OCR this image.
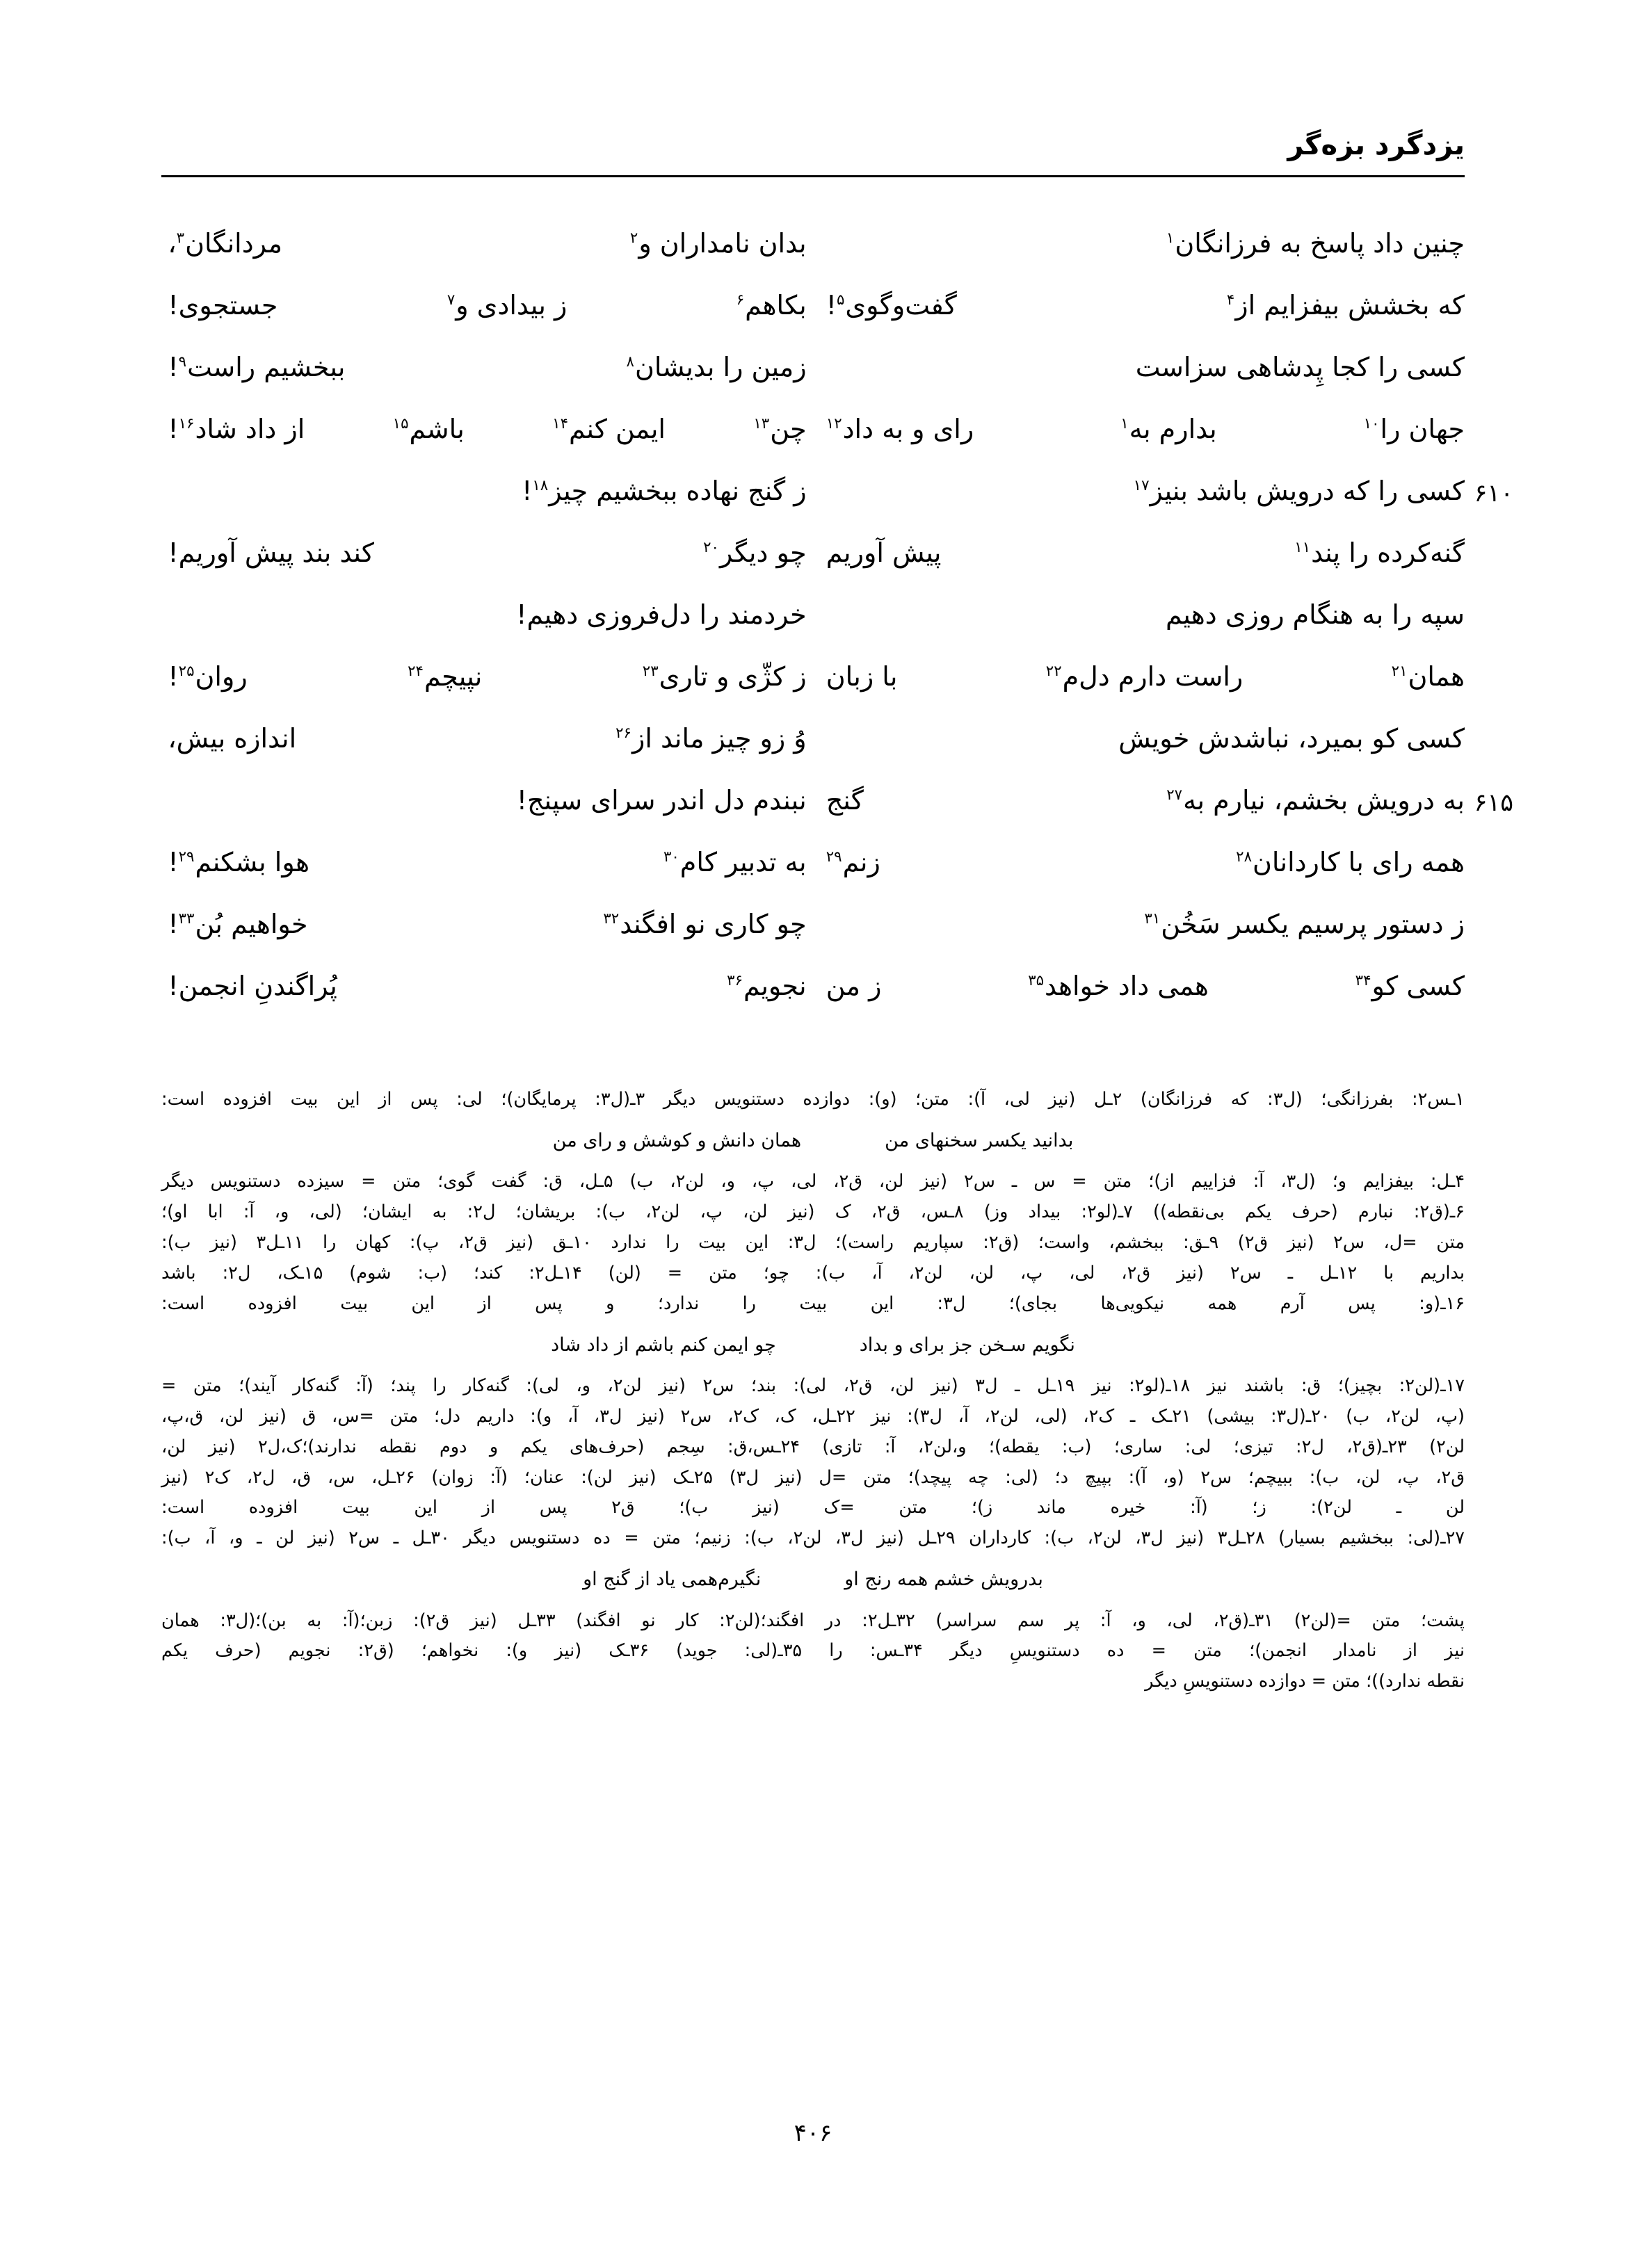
یزدگرد بزه‌گر
چنین داد پاسخ به فرزانگان$^۱$
بدان نامداران و$^۲$
مردانگان$^۳$،
که بخشش بیفزایم از$^۴$
گفت‌وگوی$^۵$!
بکاهم$^۶$
ز بیدادی و$^۷$
جستجوی!
کسی را کجا پِدشاهی سزاست
زمین را بدیشان$^۸$
ببخشیم راست$^۹$!
جهان را$^{۱۰}$
بدارم به$^۱$
رای و به داد$^{۱۲}$
چن$^{۱۳}$
ایمن کنم$^{۱۴}$
باشم$^{۱۵}$
از داد شاد$^{۱۶}$!
۶۱۰
کسی را که درویش باشد بنیز$^{۱۷}$
ز گنج نهاده ببخشیم چیز$^{۱۸}$!
گنه‌کرده را پند$^{۱۱}$
پیش آوریم
چو دیگر$^{۲۰}$
کند بند پیش آوریم!
سپه را به هنگام روزی دهیم
خردمند را دل‌فروزی دهیم!
همان$^{۲۱}$
راست دارم دل‌م$^{۲۲}$
با زبان
ز کژّی و تاری$^{۲۳}$
نپیچم$^{۲۴}$
روان$^{۲۵}$!
کسی کو بمیرد، نباشدش خویش
وُ زو چیز ماند از$^{۲۶}$
اندازه بیش،
۶۱۵
به درویش بخشم، نیارم به$^{۲۷}$
گنج
نبندم دل اندر سرای سپنج!
همه رای با کاردانان$^{۲۸}$
زنم$^{۲۹}$
به تدبیر کام$^{۳۰}$
هوا بشکنم$^{۲۹}$!
ز دستور پرسیم یکسر سَخُن$^{۳۱}$
چو کاری نو افگند$^{۳۲}$
خواهیم بُن$^{۳۳}$!
کسی کو$^{۳۴}$
همی داد خواهد$^{۳۵}$
ز من
نجویم$^{۳۶}$
پُراگندنِ انجمن!
۱ـس۲: بفرزانگی؛ (ل۳: که فرزانگان) ۲ـل (نیز لی، آ): متن؛ (و): دوازده دستنویس دیگر ۳ـ(ل۳: پرمایگان)؛ لی: پس از این بیت افزوده است:
بدانید یکسر سخنهای من
همان دانش و کوشش و رای من
۴ـل: بیفزایم و؛ (ل۳، آ: فزاییم از)؛ متن = س ـ س۲ (نیز لن، ق۲، لی، پ، و، لن۲، ب) ۵ـل، ق: گفت گوی؛ متن = سیزده دستنویس دیگر
۶ـ(ق۲: نبارم (حرف یکم بی‌نقطه)) ۷ـ(لو۲: بیداد وز) ۸ـس، ق۲، ک (نیز لن، پ، لن۲، ب): بریشان؛ ل۲: به ایشان؛ (لی، و، آ: ابا او)؛
متن =ل، س۲ (نیز ق۲) ۹ـق: ببخشم، واست؛ (ق۲: سپاریم راست)؛ ل۳: این بیت را ندارد ۱۰ـق (نیز ق۲، پ): کهان را ۱۱ـل۳ (نیز ب):
بداریم با ۱۲ـل ـ س۲ (نیز ق۲، لی، پ، لن، لن۲، آ، ب): چو؛ متن = (لن) ۱۴ـل۲: کند؛ (ب: شوم) ۱۵ـک، ل۲: باشد
۱۶ـ(و: پس آرم همه نیکویی‌ها بجای)؛ ل۳: این بیت را ندارد؛ و پس از این بیت افزوده است:
نگویم سـخن جز برای و بداد
چو ایمن کنم باشم از داد شاد
۱۷ـ(لن۲: بچیز)؛ ق: باشند نیز ۱۸ـ(لو۲: نیز ۱۹ـل ـ ل۳ (نیز لن، ق۲، لی): بند؛ س۲ (نیز لن۲، و، لی): گنه‌کار را پند؛ (آ: گنه‌کار آیند)؛ متن =
(پ، لن۲، ب) ۲۰ـ(ل۳: بیشی) ۲۱ـک ـ ک۲، (لی، لن۲، آ، ل۳): نیز ۲۲ـل، ک، ک۲، س۲ (نیز ل۳، آ، و): داریم دل؛ متن =س، ق (نیز لن، ق،پ،
لن۲) ۲۳ـ(ق۲، ل۲: تیزی؛ لی: ساری؛ (ب: یقطه)؛ و،لن۲، آ: تازی) ۲۴ـس،ق: سِجم (حرف‌های یکم و دوم نقطه ندارند)؛ک،ل۲ (نیز لن،
ق۲، پ، لن، ب): ببیچم؛ س۲ (و، آ): بپیچ د؛ (لی: چه پیچد)؛ متن =ل (نیز ل۳) ۲۵ـک (نیز لن): عنان؛ (آ: زوان) ۲۶ـل، س، ق، ل۲، ک۲ (نیز
لن ـ لن۲): ز؛ (آ: خیره ماند ز)؛ متن =ک (نیز ب)؛ ق۲ پس از این بیت افزوده است:
۲۷ـ(لی: ببخشیم بسیار) ۲۸ـل۳ (نیز ل۳، لن۲، ب): کارداران ۲۹ـل (نیز ل۳، لن۲، ب): زنیم؛ متن = ده دستنویس دیگر ۳۰ـل ـ س۲ (نیز لن ـ و، آ، ب):
بدرویش خشم همه رنج او
نگیرم‌همی یاد از گنج او
پشت؛ متن =(لن۲) ۳۱ـ(ق۲، لی، و، آ: پر سم سراسر) ۳۲ـل۲: در افگند؛(لن۲: کار نو افگند) ۳۳ـل (نیز ق۲): زبن؛(آ: به بن)؛(ل۳: همان
نیز از نامدار انجمن)؛ متن = ده دستنویسِ دیگر ۳۴ـس: را ۳۵ـ(لی: جوید) ۳۶ـک (نیز و): نخواهم؛ (ق۲: نجویم (حرف یکم
نقطه ندارد))؛ متن = دوازده دستنویسِ دیگر
۴۰۶
